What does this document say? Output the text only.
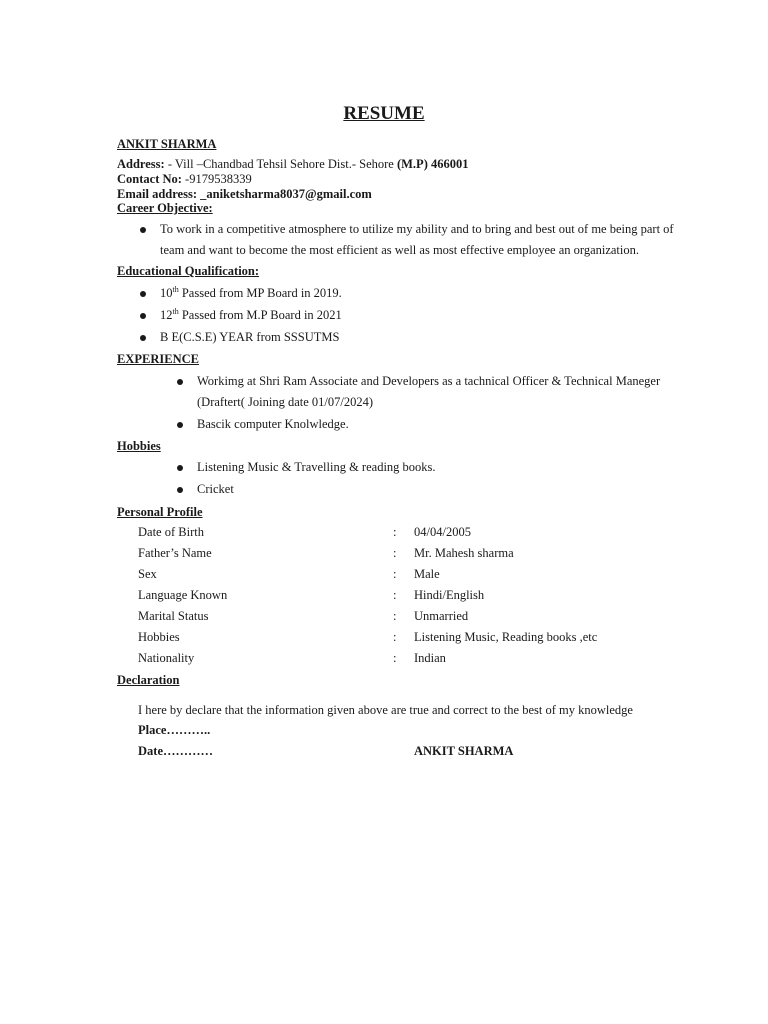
RESUME
ANKIT SHARMA
Address: - Vill –Chandbad Tehsil Sehore Dist.- Sehore (M.P) 466001
Contact No: -9179538339
Email address: _aniketsharma8037@gmail.com
Career Objective:
To work in a competitive atmosphere to utilize my ability and to bring and best out of me being part of
team and want to become the most efficient as well as most effective employee an organization.
Educational Qualification:
10th Passed from MP Board in 2019.
12th Passed from M.P Board in 2021
B E(C.S.E) YEAR from SSSUTMS
EXPERIENCE
Workimg at Shri Ram Associate and Developers as a tachnical Officer & Technical Maneger
(Draftert( Joining date 01/07/2024)
Bascik computer Knolwledge.
Hobbies
Listening Music & Travelling & reading books.
Cricket
Personal Profile
Date of Birth	: 04/04/2005
Father’s Name	: Mr. Mahesh sharma
Sex	: Male
Language Known	: Hindi/English
Marital Status	: Unmarried
Hobbies	: Listening Music, Reading books ,etc
Nationality	: Indian
Declaration
I here by declare that the information given above are true and correct to the best of my knowledge
Place………..
Date…………	ANKIT SHARMA
